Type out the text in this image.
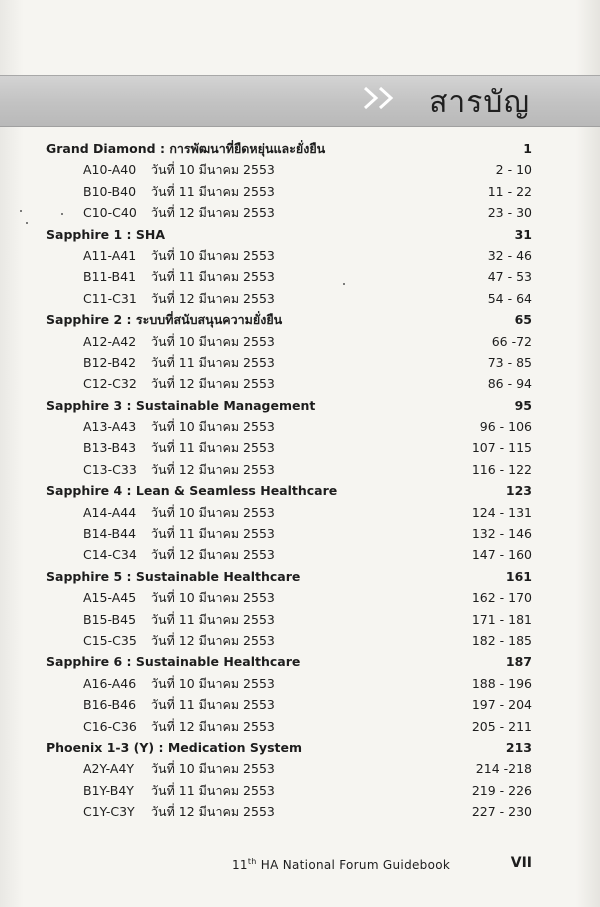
สารบัญ
Grand Diamond : การพัฒนาที่ยืดหยุ่นและยั่งยืน	1
A10-A40	วันที่ 10 มีนาคม 2553	2 - 10
B10-B40	วันที่ 11 มีนาคม 2553	11 - 22
C10-C40	วันที่ 12 มีนาคม 2553	23 - 30
Sapphire 1 : SHA	31
A11-A41	วันที่ 10 มีนาคม 2553	32 - 46
B11-B41	วันที่ 11 มีนาคม 2553	47 - 53
C11-C31	วันที่ 12 มีนาคม 2553	54 - 64
Sapphire 2 : ระบบที่สนับสนุนความยั่งยืน	65
A12-A42	วันที่ 10 มีนาคม 2553	66 -72
B12-B42	วันที่ 11 มีนาคม 2553	73 - 85
C12-C32	วันที่ 12 มีนาคม 2553	86 - 94
Sapphire 3 : Sustainable Management	95
A13-A43	วันที่ 10 มีนาคม 2553	96 - 106
B13-B43	วันที่ 11 มีนาคม 2553	107 - 115
C13-C33	วันที่ 12 มีนาคม 2553	116 - 122
Sapphire 4 : Lean & Seamless Healthcare	123
A14-A44	วันที่ 10 มีนาคม 2553	124 - 131
B14-B44	วันที่ 11 มีนาคม 2553	132 - 146
C14-C34	วันที่ 12 มีนาคม 2553	147 - 160
Sapphire 5 : Sustainable Healthcare	161
A15-A45	วันที่ 10 มีนาคม 2553	162 - 170
B15-B45	วันที่ 11 มีนาคม 2553	171 - 181
C15-C35	วันที่ 12 มีนาคม 2553	182 - 185
Sapphire 6 : Sustainable Healthcare	187
A16-A46	วันที่ 10 มีนาคม 2553	188 - 196
B16-B46	วันที่ 11 มีนาคม 2553	197 - 204
C16-C36	วันที่ 12 มีนาคม 2553	205 - 211
Phoenix 1-3 (Y) : Medication System	213
A2Y-A4Y	วันที่ 10 มีนาคม 2553	214 -218
B1Y-B4Y	วันที่ 11 มีนาคม 2553	219 - 226
C1Y-C3Y	วันที่ 12 มีนาคม 2553	227 - 230
11th HA National Forum Guidebook	VII
